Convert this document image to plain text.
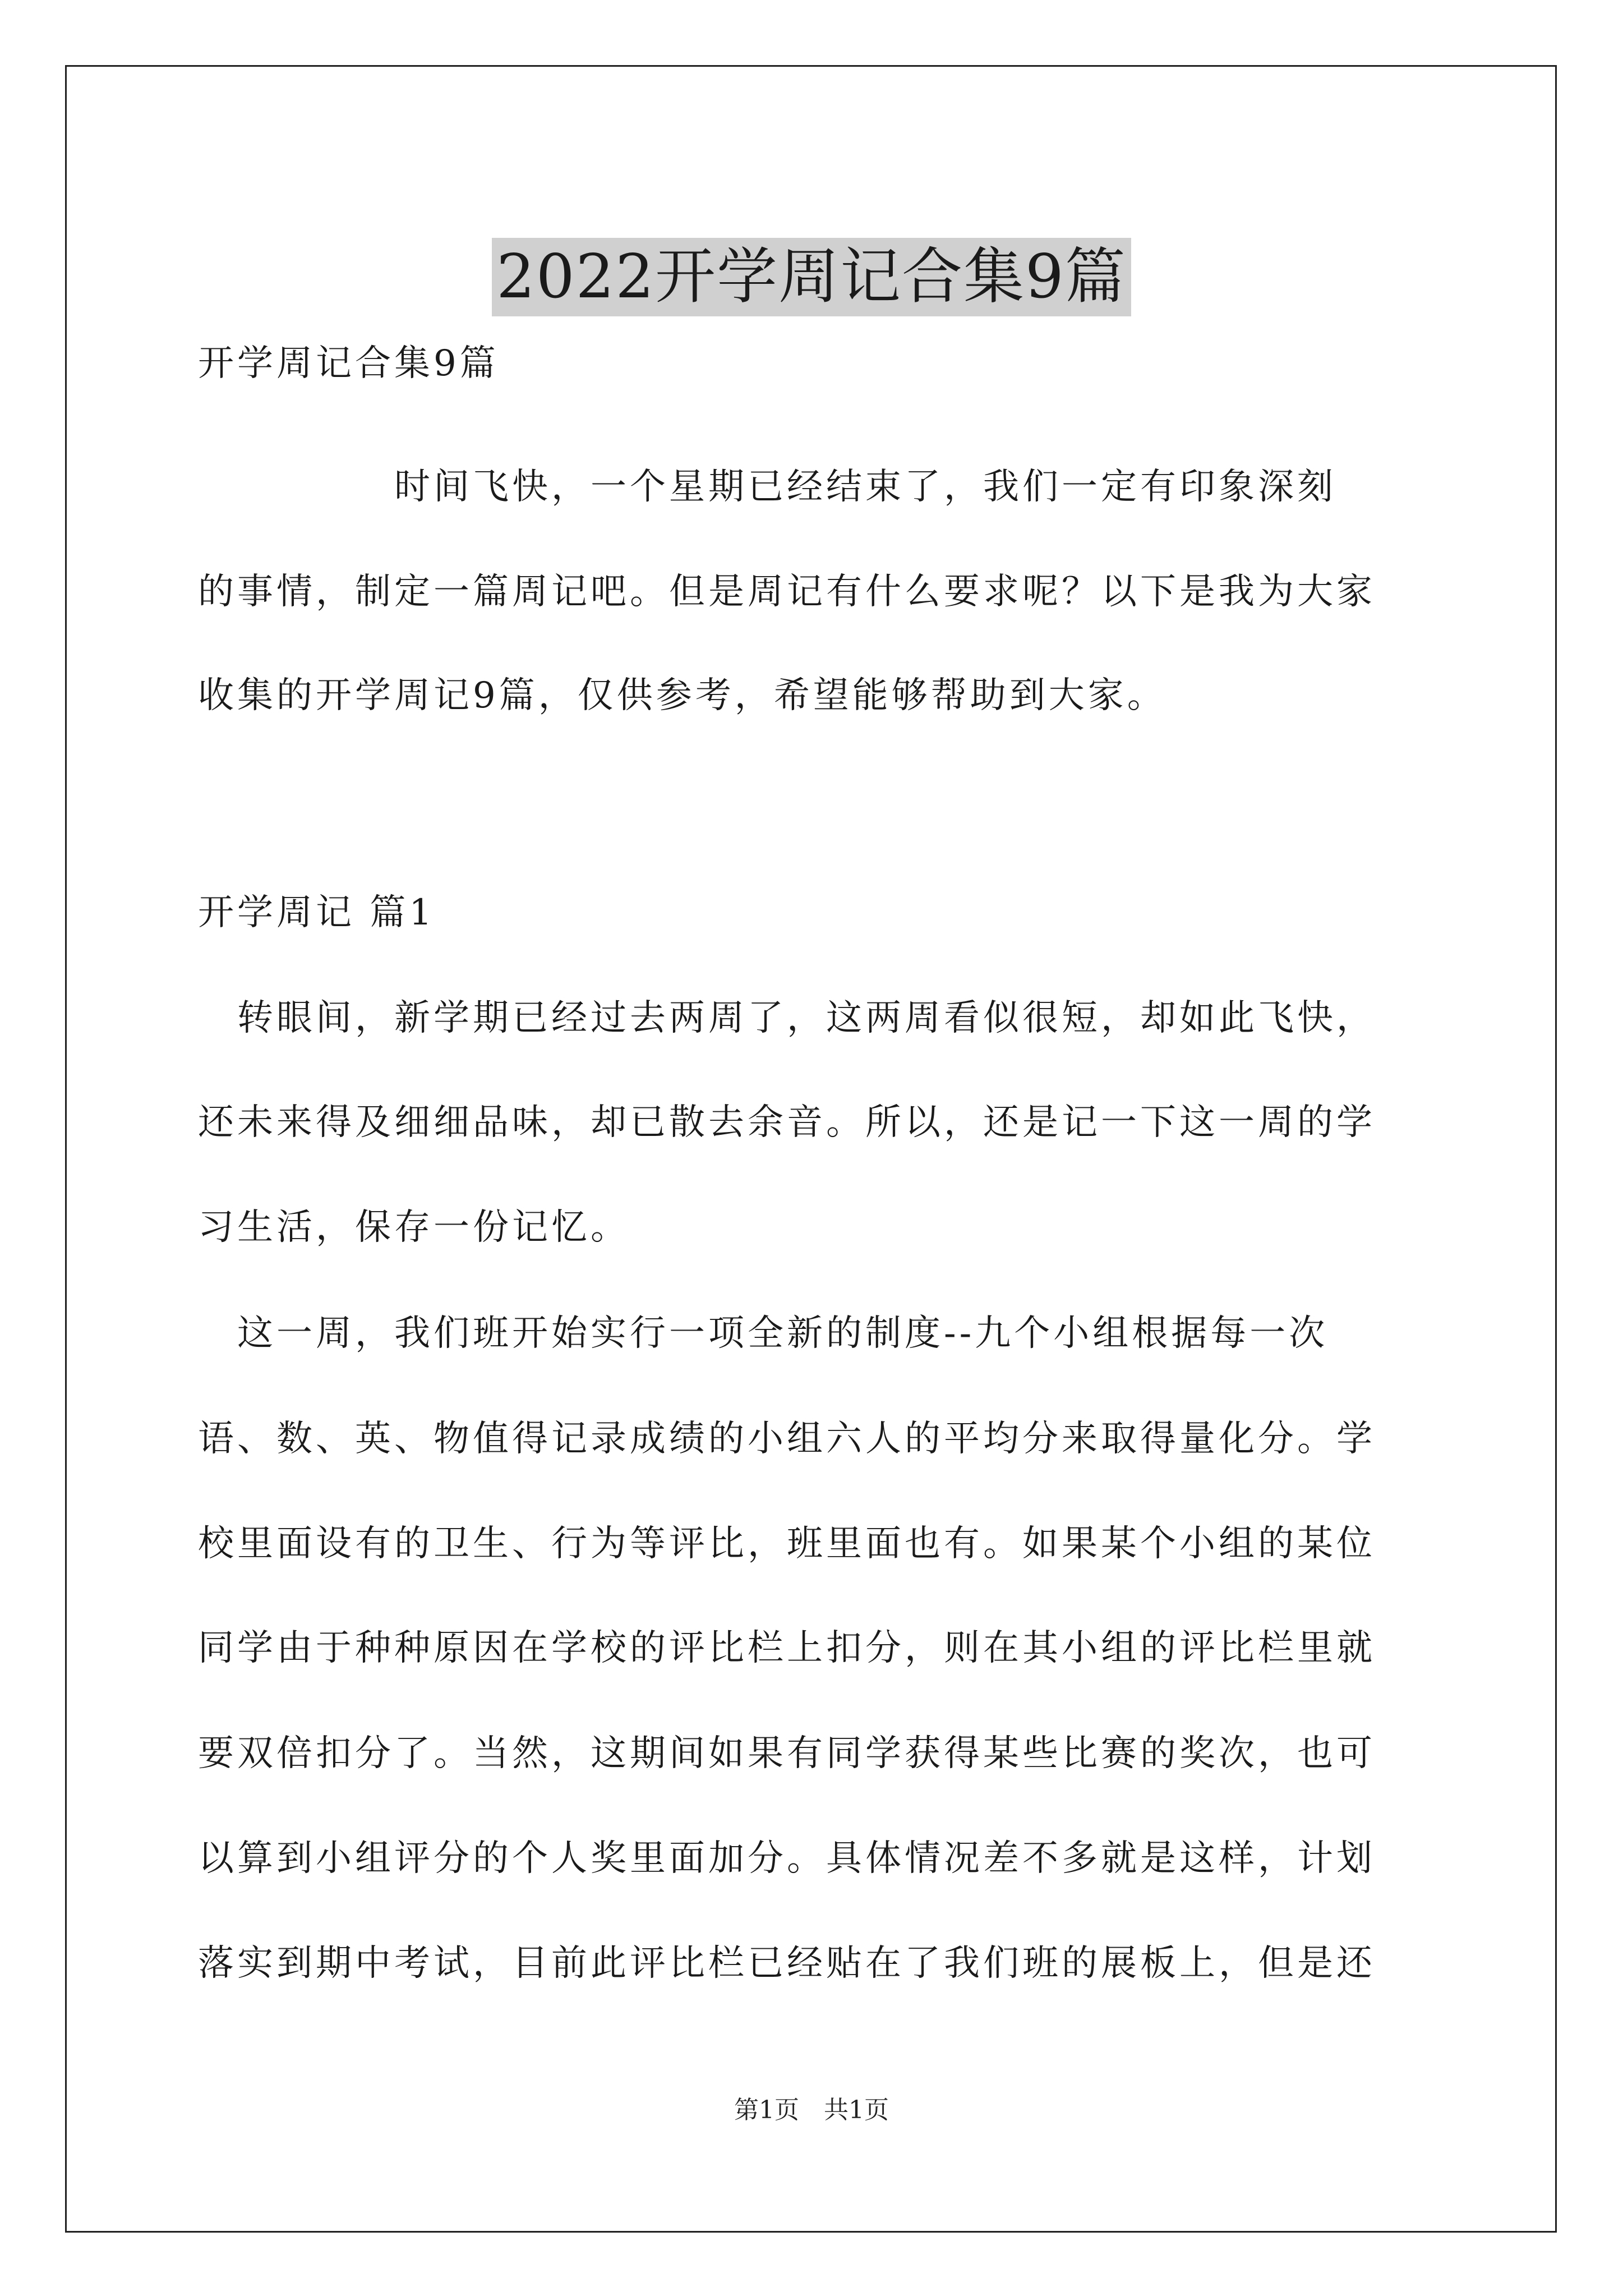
2022开学周记合集9篇
开学周记合集9篇
　　　　　时间飞快，一个星期已经结束了，我们一定有印象深刻
的事情，制定一篇周记吧。但是周记有什么要求呢？以下是我为大家
收集的开学周记9篇，仅供参考，希望能够帮助到大家。
开学周记 篇1
　转眼间，新学期已经过去两周了，这两周看似很短，却如此飞快，
还未来得及细细品味，却已散去余音。所以，还是记一下这一周的学
习生活，保存一份记忆。
　这一周，我们班开始实行一项全新的制度--九个小组根据每一次
语、数、英、物值得记录成绩的小组六人的平均分来取得量化分。学
校里面设有的卫生、行为等评比，班里面也有。如果某个小组的某位
同学由于种种原因在学校的评比栏上扣分，则在其小组的评比栏里就
要双倍扣分了。当然，这期间如果有同学获得某些比赛的奖次，也可
以算到小组评分的个人奖里面加分。具体情况差不多就是这样，计划
落实到期中考试，目前此评比栏已经贴在了我们班的展板上，但是还
第1页　共1页
